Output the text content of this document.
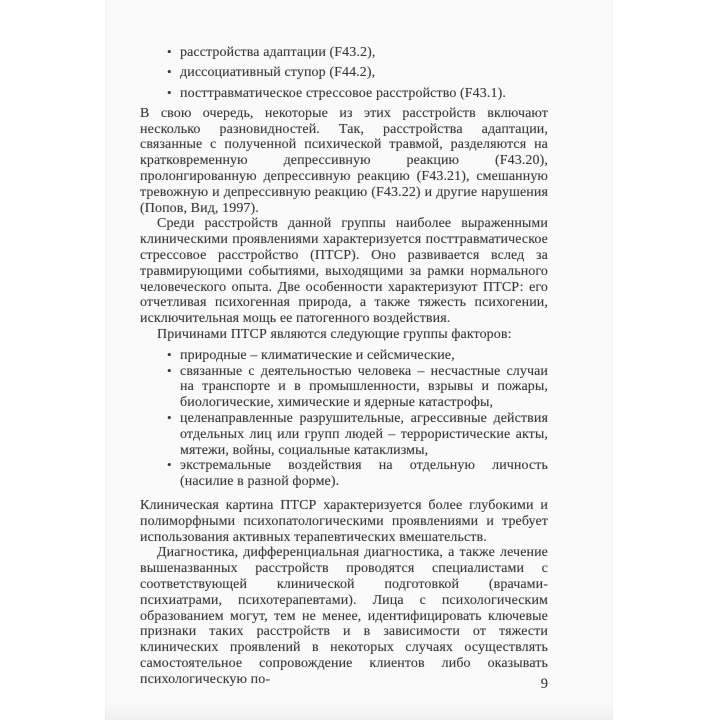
• расстройства адаптации (F43.2),
• диссоциативный ступор (F44.2),
• посттравматическое стрессовое расстройство (F43.1).

В свою очередь, некоторые из этих расстройств включают несколько разновидностей. Так, расстройства адаптации, связанные с полученной психической травмой, разделяются на кратковременную депрессивную реакцию (F43.20), пролонгированную депрессивную реакцию (F43.21), смешанную тревожную и депрессивную реакцию (F43.22) и другие нарушения (Попов, Вид, 1997).

Среди расстройств данной группы наиболее выраженными клиническими проявлениями характеризуется посттравматическое стрессовое расстройство (ПТСР). Оно развивается вслед за травмирующими событиями, выходящими за рамки нормального человеческого опыта. Две особенности характеризуют ПТСР: его отчетливая психогенная природа, а также тяжесть психогении, исключительная мощь ее патогенного воздействия.

Причинами ПТСР являются следующие группы факторов:

• природные – климатические и сейсмические,
• связанные с деятельностью человека – несчастные случаи на транспорте и в промышленности, взрывы и пожары, биологические, химические и ядерные катастрофы,
• целенаправленные разрушительные, агрессивные действия отдельных лиц или групп людей – террористические акты, мятежи, войны, социальные катаклизмы,
• экстремальные воздействия на отдельную личность (насилие в разной форме).

Клиническая картина ПТСР характеризуется более глубокими и полиморфными психопатологическими проявлениями и требует использования активных терапевтических вмешательств.

Диагностика, дифференциальная диагностика, а также лечение вышеназванных расстройств проводятся специалистами с соответствующей клинической подготовкой (врачами-психиатрами, психотерапевтами). Лица с психологическим образованием могут, тем не менее, идентифицировать ключевые признаки таких расстройств и в зависимости от тяжести клинических проявлений в некоторых случаях осуществлять самостоятельное сопровождение клиентов либо оказывать психологическую по-	9
